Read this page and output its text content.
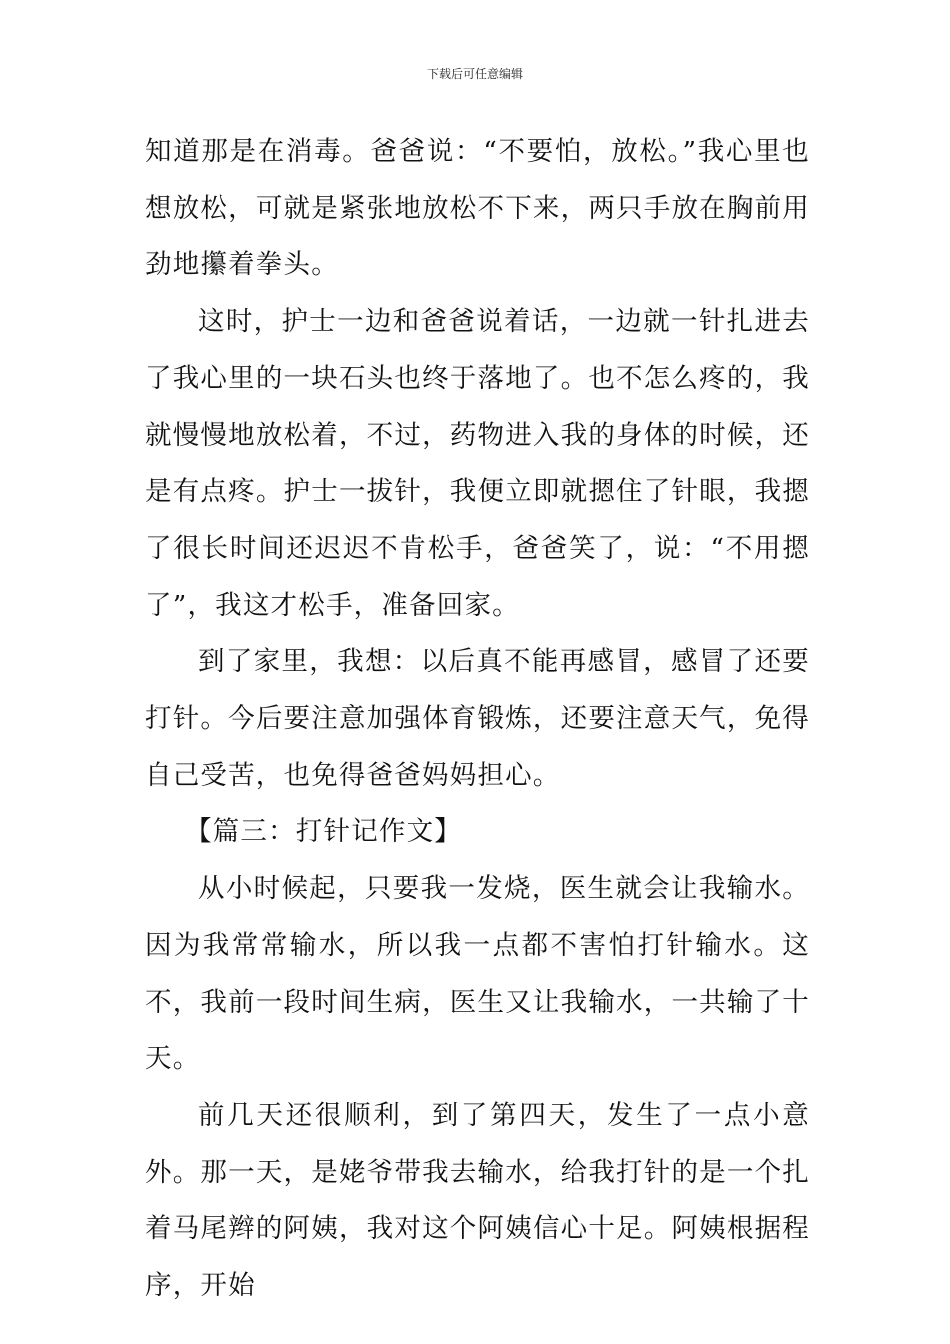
下载后可任意编辑

知道那是在消毒。爸爸说：“不要怕，放松。”我心里也想放松，可就是紧张地放松不下来，两只手放在胸前用劲地攥着拳头。

这时，护士一边和爸爸说着话，一边就一针扎进去了我心里的一块石头也终于落地了。也不怎么疼的，我就慢慢地放松着，不过，药物进入我的身体的时候，还是有点疼。护士一拔针，我便立即就摁住了针眼，我摁了很长时间还迟迟不肯松手，爸爸笑了，说：“不用摁了”，我这才松手，准备回家。

到了家里，我想：以后真不能再感冒，感冒了还要打针。今后要注意加强体育锻炼，还要注意天气，免得自己受苦，也免得爸爸妈妈担心。

【篇三：打针记作文】

从小时候起，只要我一发烧，医生就会让我输水。因为我常常输水，所以我一点都不害怕打针输水。这不，我前一段时间生病，医生又让我输水，一共输了十天。

前几天还很顺利，到了第四天，发生了一点小意外。那一天，是姥爷带我去输水，给我打针的是一个扎着马尾辫的阿姨，我对这个阿姨信心十足。阿姨根据程序，开始
